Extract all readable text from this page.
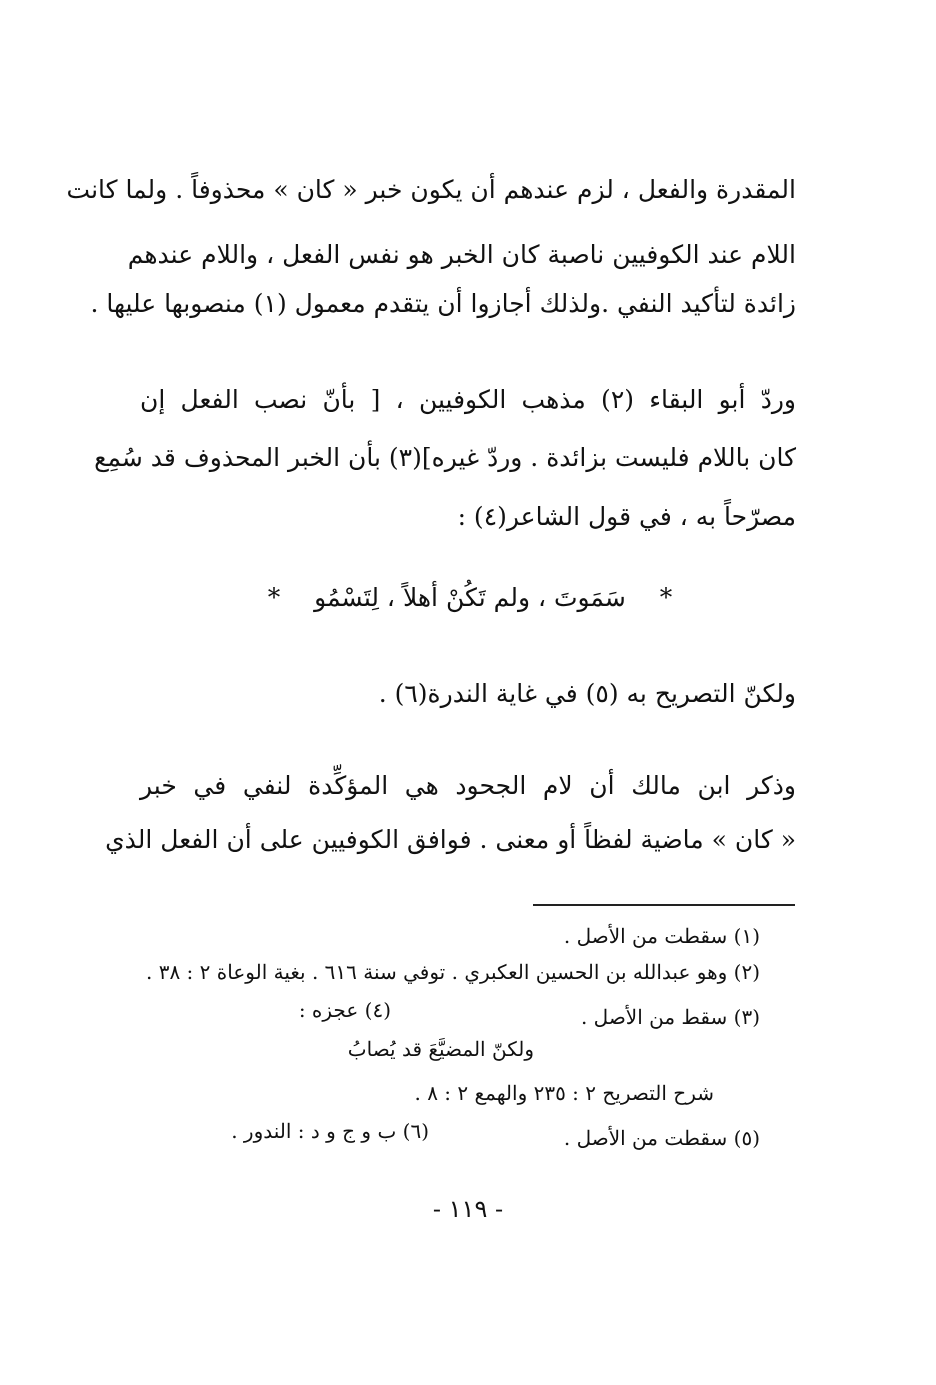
المقدرة والفعل ، لزم عندهم أن يكون خبر « كان » محذوفاً . ولما كانت
اللام عند الكوفيين ناصبة كان الخبر هو نفس الفعل ، واللام عندهم
زائدة لتأكيد النفي .ولذلك أجازوا أن يتقدم معمول (١) منصوبها عليها .
وردّ أبو البقاء (٢) مذهب الكوفيين ، [ بأنّ نصب الفعل إن
كان باللام فليست بزائدة . وردّ غيره](٣) بأن الخبر المحذوف قد سُمِع
مصرّحاً به ، في قول الشاعر(٤) :
* سَمَوتَ ، ولم تَكُنْ أهلاً ، لِتَسْمُو *
ولكنّ التصريح به (٥) في غاية الندرة(٦) .
وذكر ابن مالك أن لام الجحود هي المؤكِّدة لنفي في خبر
« كان » ماضية لفظاً أو معنى . فوافق الكوفيين على أن الفعل الذي
(١) سقطت من الأصل .
(٢) وهو عبدالله بن الحسين العكبري . توفي سنة ٦١٦ . بغية الوعاة ٢ : ٣٨ .
(٣) سقط من الأصل .
(٤) عجزه :
ولكنّ المضيَّعَ قد يُصابُ
شرح التصريح ٢ : ٢٣٥ والهمع ٢ : ٨ .
(٥) سقطت من الأصل .
(٦) ب و ج و د : الندور .
- ١١٩ -
